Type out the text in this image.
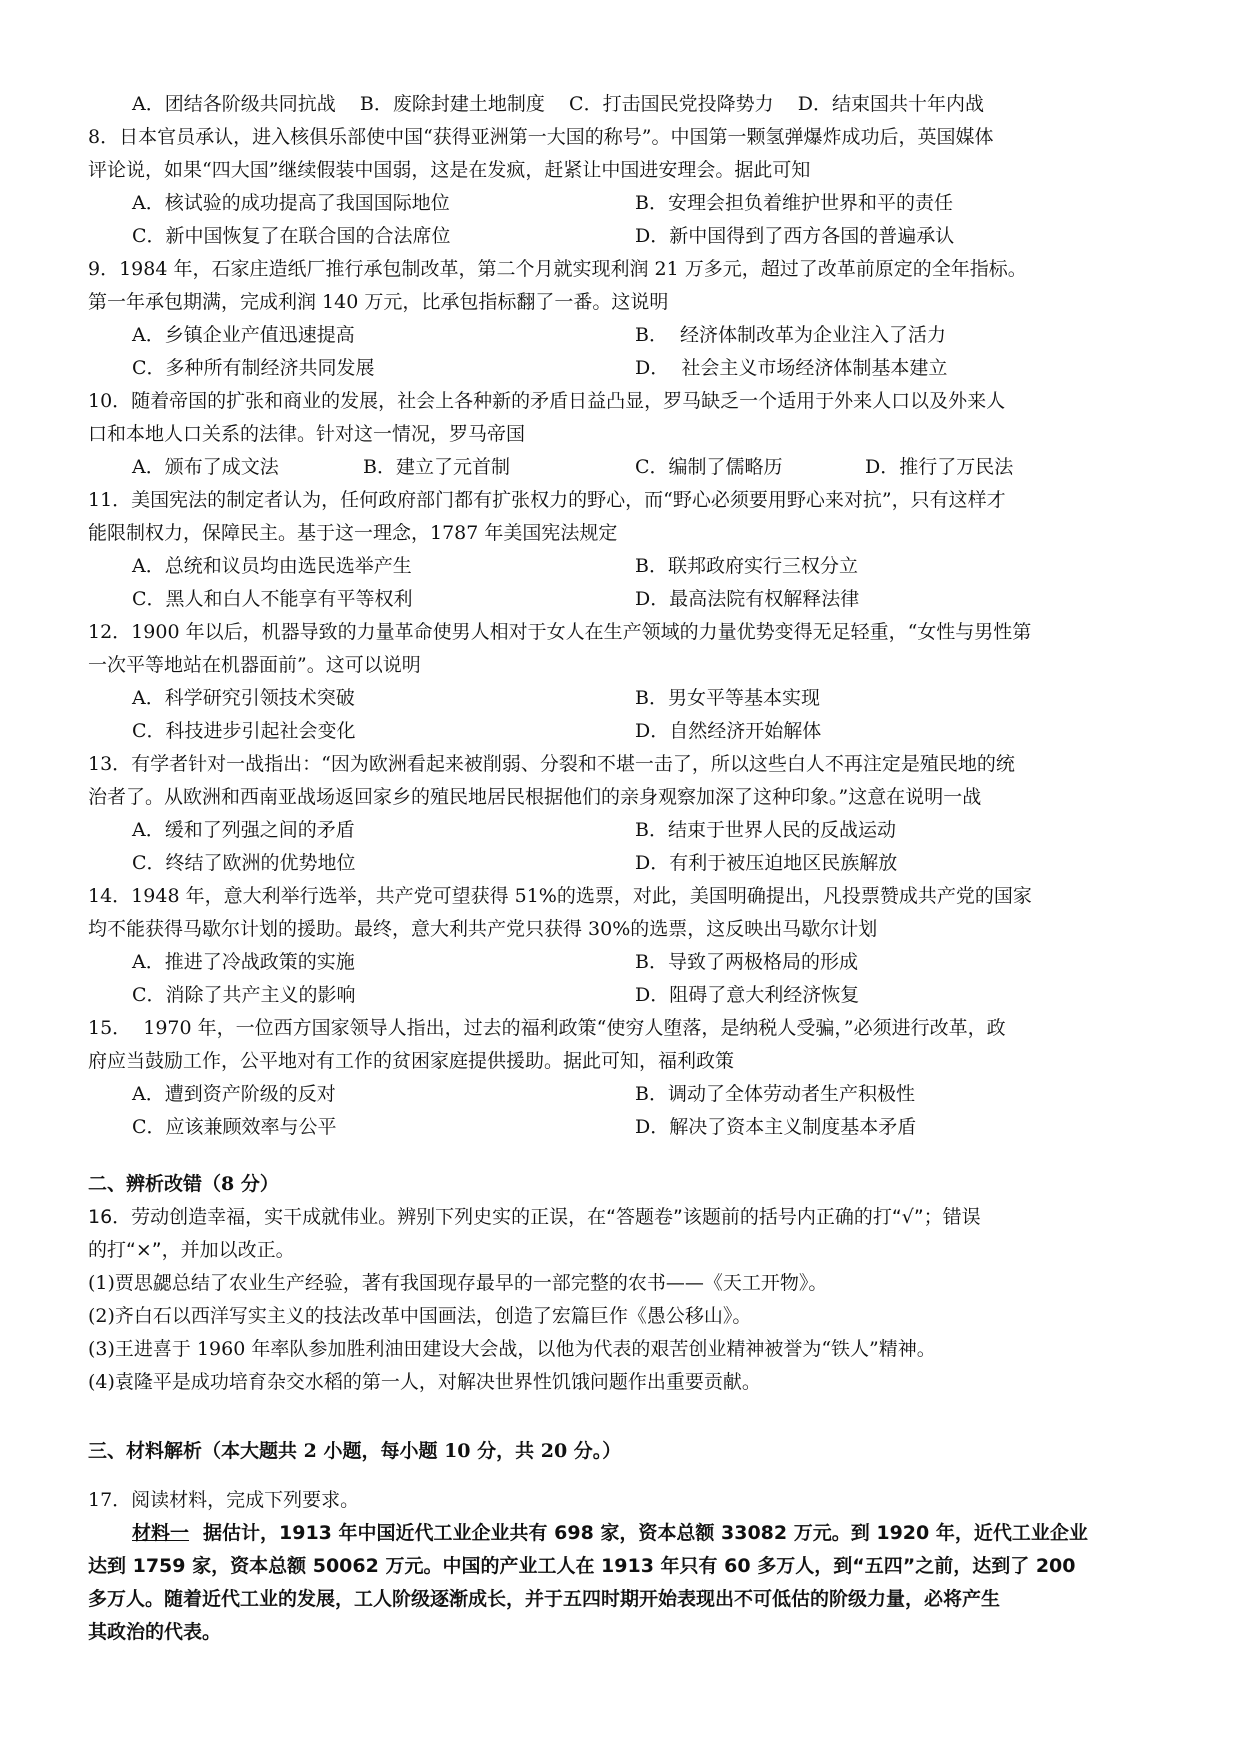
A．团结各阶级共同抗战 B．废除封建土地制度 C．打击国民党投降势力 D．结束国共十年内战
8．日本官员承认，进入核俱乐部使中国“获得亚洲第一大国的称号”。中国第一颗氢弹爆炸成功后，英国媒体
评论说，如果“四大国”继续假装中国弱，这是在发疯，赶紧让中国进安理会。据此可知
A．核试验的成功提高了我国国际地位	B．安理会担负着维护世界和平的责任
C．新中国恢复了在联合国的合法席位	D．新中国得到了西方各国的普遍承认
9．1984 年，石家庄造纸厂推行承包制改革，第二个月就实现利润 21 万多元，超过了改革前原定的全年指标。
第一年承包期满，完成利润 140 万元，比承包指标翻了一番。这说明
A．乡镇企业产值迅速提高	B．  经济体制改革为企业注入了活力
C．多种所有制经济共同发展	D．  社会主义市场经济体制基本建立
10．随着帝国的扩张和商业的发展，社会上各种新的矛盾日益凸显，罗马缺乏一个适用于外来人口以及外来人
口和本地人口关系的法律。针对这一情况，罗马帝国
A．颁布了成文法	B．建立了元首制	C．编制了儒略历	D．推行了万民法
11．美国宪法的制定者认为，任何政府部门都有扩张权力的野心，而“野心必须要用野心来对抗”，只有这样才
能限制权力，保障民主。基于这一理念，1787 年美国宪法规定
A．总统和议员均由选民选举产生	B．联邦政府实行三权分立
C．黑人和白人不能享有平等权利	D．最高法院有权解释法律
12．1900 年以后，机器导致的力量革命使男人相对于女人在生产领域的力量优势变得无足轻重，“女性与男性第
一次平等地站在机器面前”。这可以说明
A．科学研究引领技术突破	B．男女平等基本实现
C．科技进步引起社会变化	D．自然经济开始解体
13．有学者针对一战指出：“因为欧洲看起来被削弱、分裂和不堪一击了，所以这些白人不再注定是殖民地的统
治者了。从欧洲和西南亚战场返回家乡的殖民地居民根据他们的亲身观察加深了这种印象。”这意在说明一战
A．缓和了列强之间的矛盾	B．结束于世界人民的反战运动
C．终结了欧洲的优势地位	D．有利于被压迫地区民族解放
14．1948 年，意大利举行选举，共产党可望获得 51%的选票，对此，美国明确提出，凡投票赞成共产党的国家
均不能获得马歇尔计划的援助。最终，意大利共产党只获得 30%的选票，这反映出马歇尔计划
A．推进了冷战政策的实施	B．导致了两极格局的形成
C．消除了共产主义的影响	D．阻碍了意大利经济恢复
15．  1970 年，一位西方国家领导人指出，过去的福利政策“使穷人堕落，是纳税人受骗，”必须进行改革，政
府应当鼓励工作，公平地对有工作的贫困家庭提供援助。据此可知，福利政策
A．遭到资产阶级的反对	B．调动了全体劳动者生产积极性
C．应该兼顾效率与公平	D．解决了资本主义制度基本矛盾
二、辨析改错（8 分）
16．劳动创造幸福，实干成就伟业。辨别下列史实的正误，在“答题卷”该题前的括号内正确的打“√”；错误
的打“×”，并加以改正。
(1)贾思勰总结了农业生产经验，著有我国现存最早的一部完整的农书——《天工开物》。
(2)齐白石以西洋写实主义的技法改革中国画法，创造了宏篇巨作《愚公移山》。
(3)王进喜于 1960 年率队参加胜利油田建设大会战，以他为代表的艰苦创业精神被誉为“铁人”精神。
(4)袁隆平是成功培育杂交水稻的第一人，对解决世界性饥饿问题作出重要贡献。
三、材料解析（本大题共 2 小题，每小题 10 分，共 20 分。）
17．阅读材料，完成下列要求。
材料一 据估计，1913 年中国近代工业企业共有 698 家，资本总额 33082 万元。到 1920 年，近代工业企业
达到 1759 家，资本总额 50062 万元。中国的产业工人在 1913 年只有 60 多万人，到“五四”之前，达到了 200
多万人。随着近代工业的发展，工人阶级逐渐成长，并于五四时期开始表现出不可低估的阶级力量，必将产生
其政治的代表。
